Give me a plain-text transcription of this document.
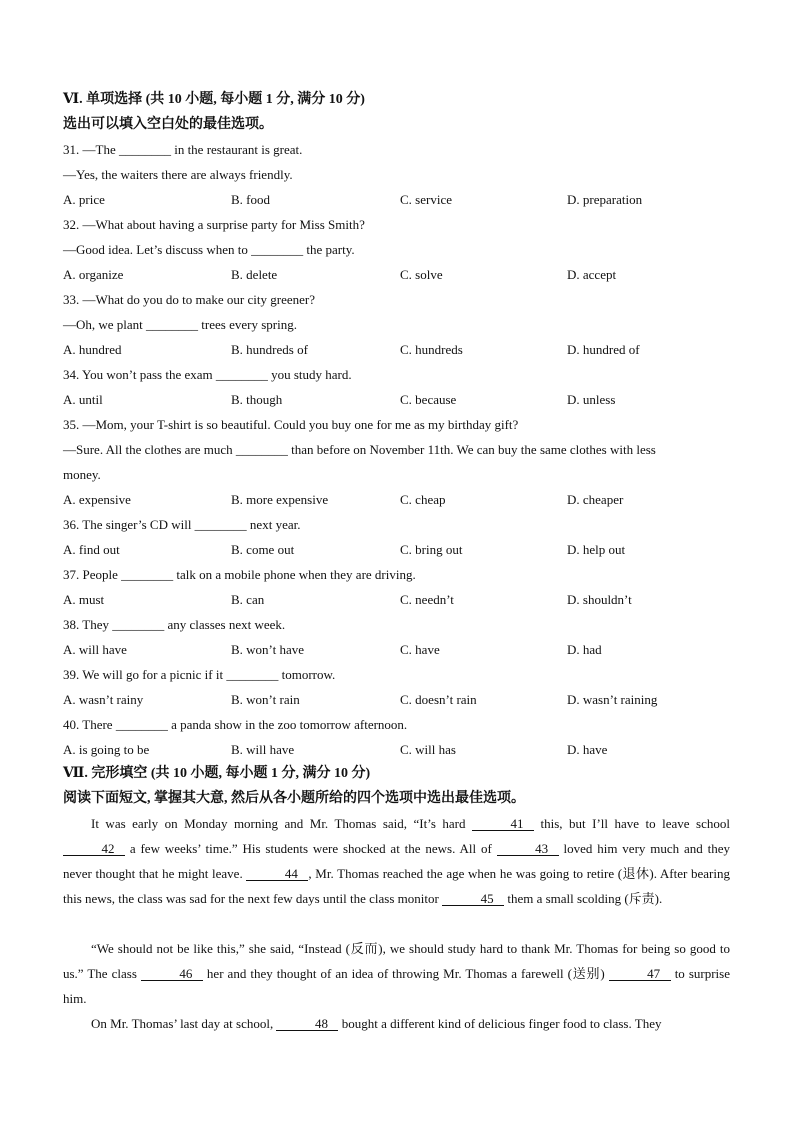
Ⅵ. 单项选择 (共 10 小题, 每小题 1 分, 满分 10 分)
选出可以填入空白处的最佳选项。
31. —The ________ in the restaurant is great.
—Yes, the waiters there are always friendly.
A. price	B. food	C. service	D. preparation
32. —What about having a surprise party for Miss Smith?
—Good idea. Let’s discuss when to ________ the party.
A. organize	B. delete	C. solve	D. accept
33. —What do you do to make our city greener?
—Oh, we plant ________ trees every spring.
A. hundred	B. hundreds of	C. hundreds	D. hundred of
34. You won’t pass the exam ________ you study hard.
A. until	B. though	C. because	D. unless
35. —Mom, your T-shirt is so beautiful. Could you buy one for me as my birthday gift?
—Sure. All the clothes are much ________ than before on November 11th. We can buy the same clothes with less
money.
A. expensive	B. more expensive	C. cheap	D. cheaper
36. The singer’s CD will ________ next year.
A. find out	B. come out	C. bring out	D. help out
37. People ________ talk on a mobile phone when they are driving.
A. must	B. can	C. needn’t	D. shouldn’t
38. They ________ any classes next week.
A. will have	B. won’t have	C. have	D. had
39. We will go for a picnic if it ________ tomorrow.
A. wasn’t rainy	B. won’t rain	C. doesn’t rain	D. wasn’t raining
40. There ________ a panda show in the zoo tomorrow afternoon.
A. is going to be	B. will have	C. will has	D. have
Ⅶ. 完形填空 (共 10 小题, 每小题 1 分, 满分 10 分)
阅读下面短文, 掌握其大意, 然后从各小题所给的四个选项中选出最佳选项。
It was early on Monday morning and Mr. Thomas said, “It’s hard	41 this, but I’ll have to leave school 42 a few weeks’ time.” His students were shocked at the news. All of	43 loved him very much and they never thought that he might leave.	44 , Mr. Thomas reached the age when he was going to retire (退休). After bearing this news, the class was sad for the next few days until the class monitor	45 them a small scolding (斥责).
“We should not be like this,” she said, “Instead (反而), we should study hard to thank Mr. Thomas for being so good to us.” The class	46 her and they thought of an idea of throwing Mr. Thomas a farewell (送别)	47 to surprise him.
On Mr. Thomas’ last day at school,	48 bought a different kind of delicious finger food to class. They
